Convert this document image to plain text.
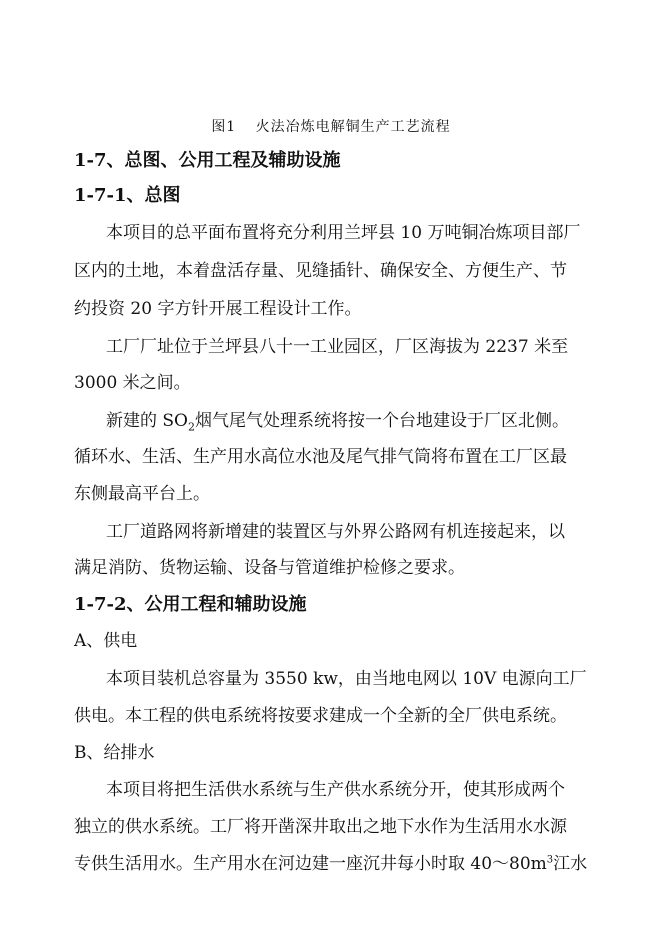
图1 火法冶炼电解铜生产工艺流程
1-7、总图、公用工程及辅助设施
1-7-1、总图
本项目的总平面布置将充分利用兰坪县 10 万吨铜冶炼项目部厂
区内的土地，本着盘活存量、见缝插针、确保安全、方便生产、节
约投资 20 字方针开展工程设计工作。
工厂厂址位于兰坪县八十一工业园区，厂区海拔为 2237 米至
3000 米之间。
新建的 $SO_2$烟气尾气处理系统将按一个台地建设于厂区北侧。
循环水、生活、生产用水高位水池及尾气排气筒将布置在工厂区最
东侧最高平台上。
工厂道路网将新增建的装置区与外界公路网有机连接起来，以
满足消防、货物运输、设备与管道维护检修之要求。
1-7-2、公用工程和辅助设施
A、供电
本项目装机总容量为 3550 kw，由当地电网以 10V 电源向工厂
供电。本工程的供电系统将按要求建成一个全新的全厂供电系统。
B、给排水
本项目将把生活供水系统与生产供水系统分开，使其形成两个
独立的供水系统。工厂将开凿深井取出之地下水作为生活用水水源
专供生活用水。生产用水在河边建一座沉井每小时取 $40\sim 80m^3$江水
